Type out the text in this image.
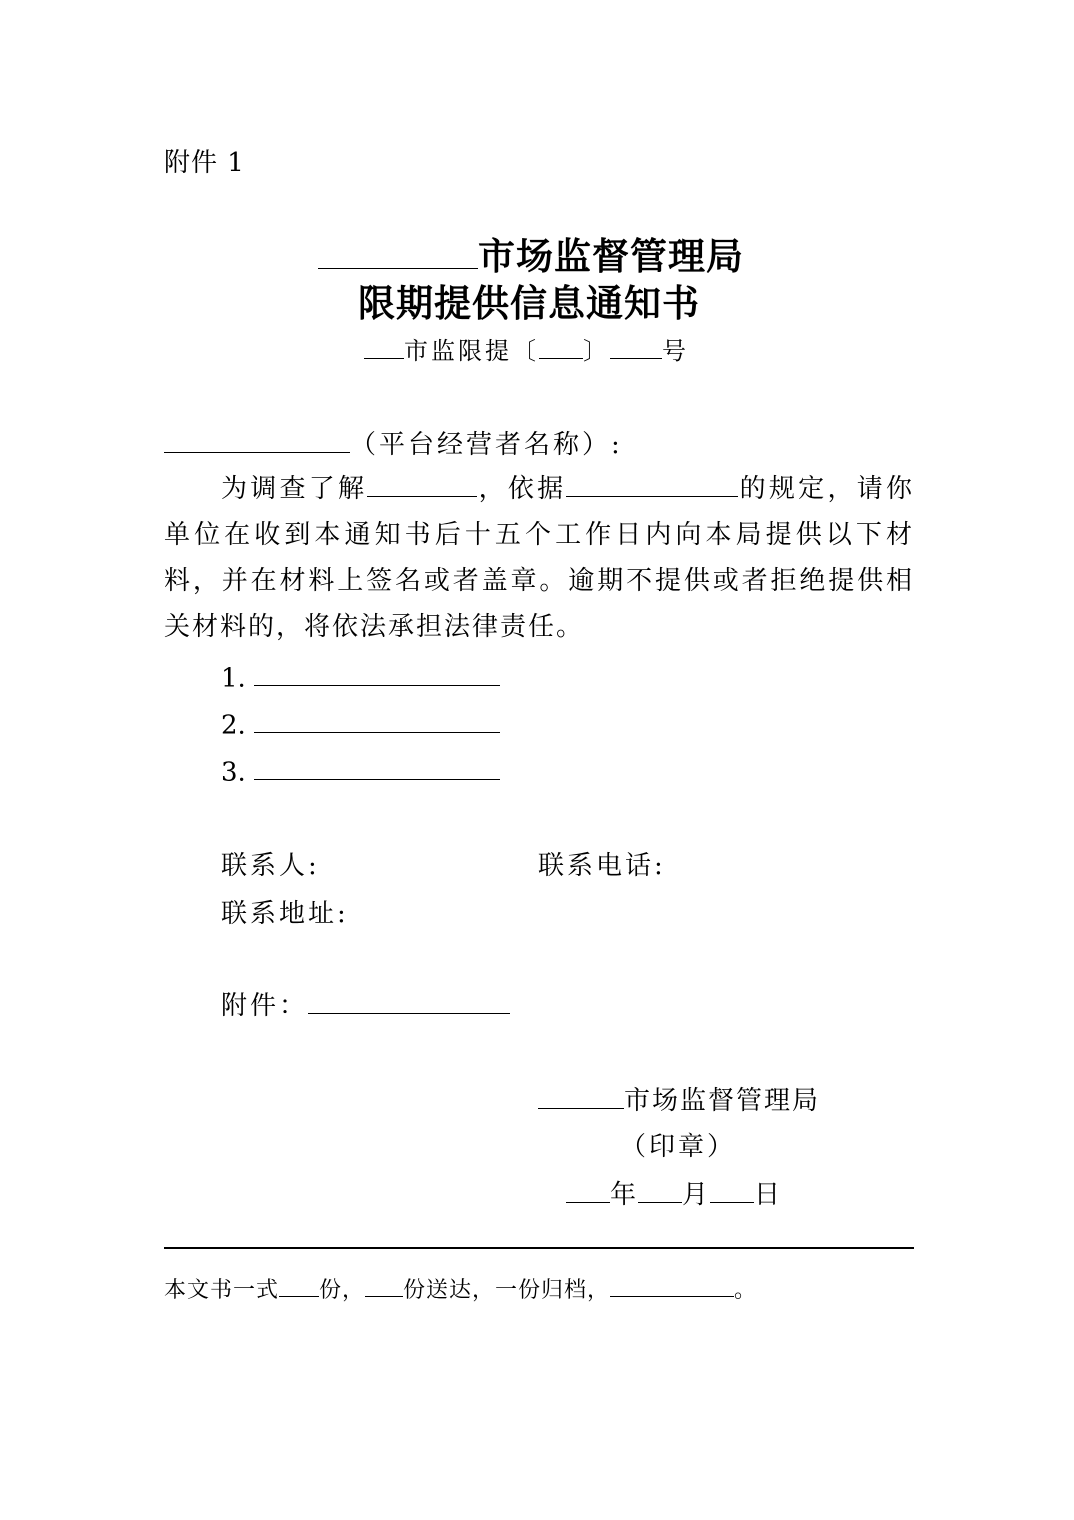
附件 1
市场监督管理局
限期提供信息通知书
市监限提〔 〕 号
（平台经营者名称）:

为调查了解	，依据	的规定，请你单位在收到本通知书后十五个工作日内向本局提供以下材料，并在材料上签名或者盖章。逾期不提供或者拒绝提供相关材料的，将依法承担法律责任。

1.
2.
3.
联系人:	联系电话:
联系地址:
附件：
市场监督管理局
（印章）
年 月 日
本文书一式 份， 份送达，一份归档，	。
